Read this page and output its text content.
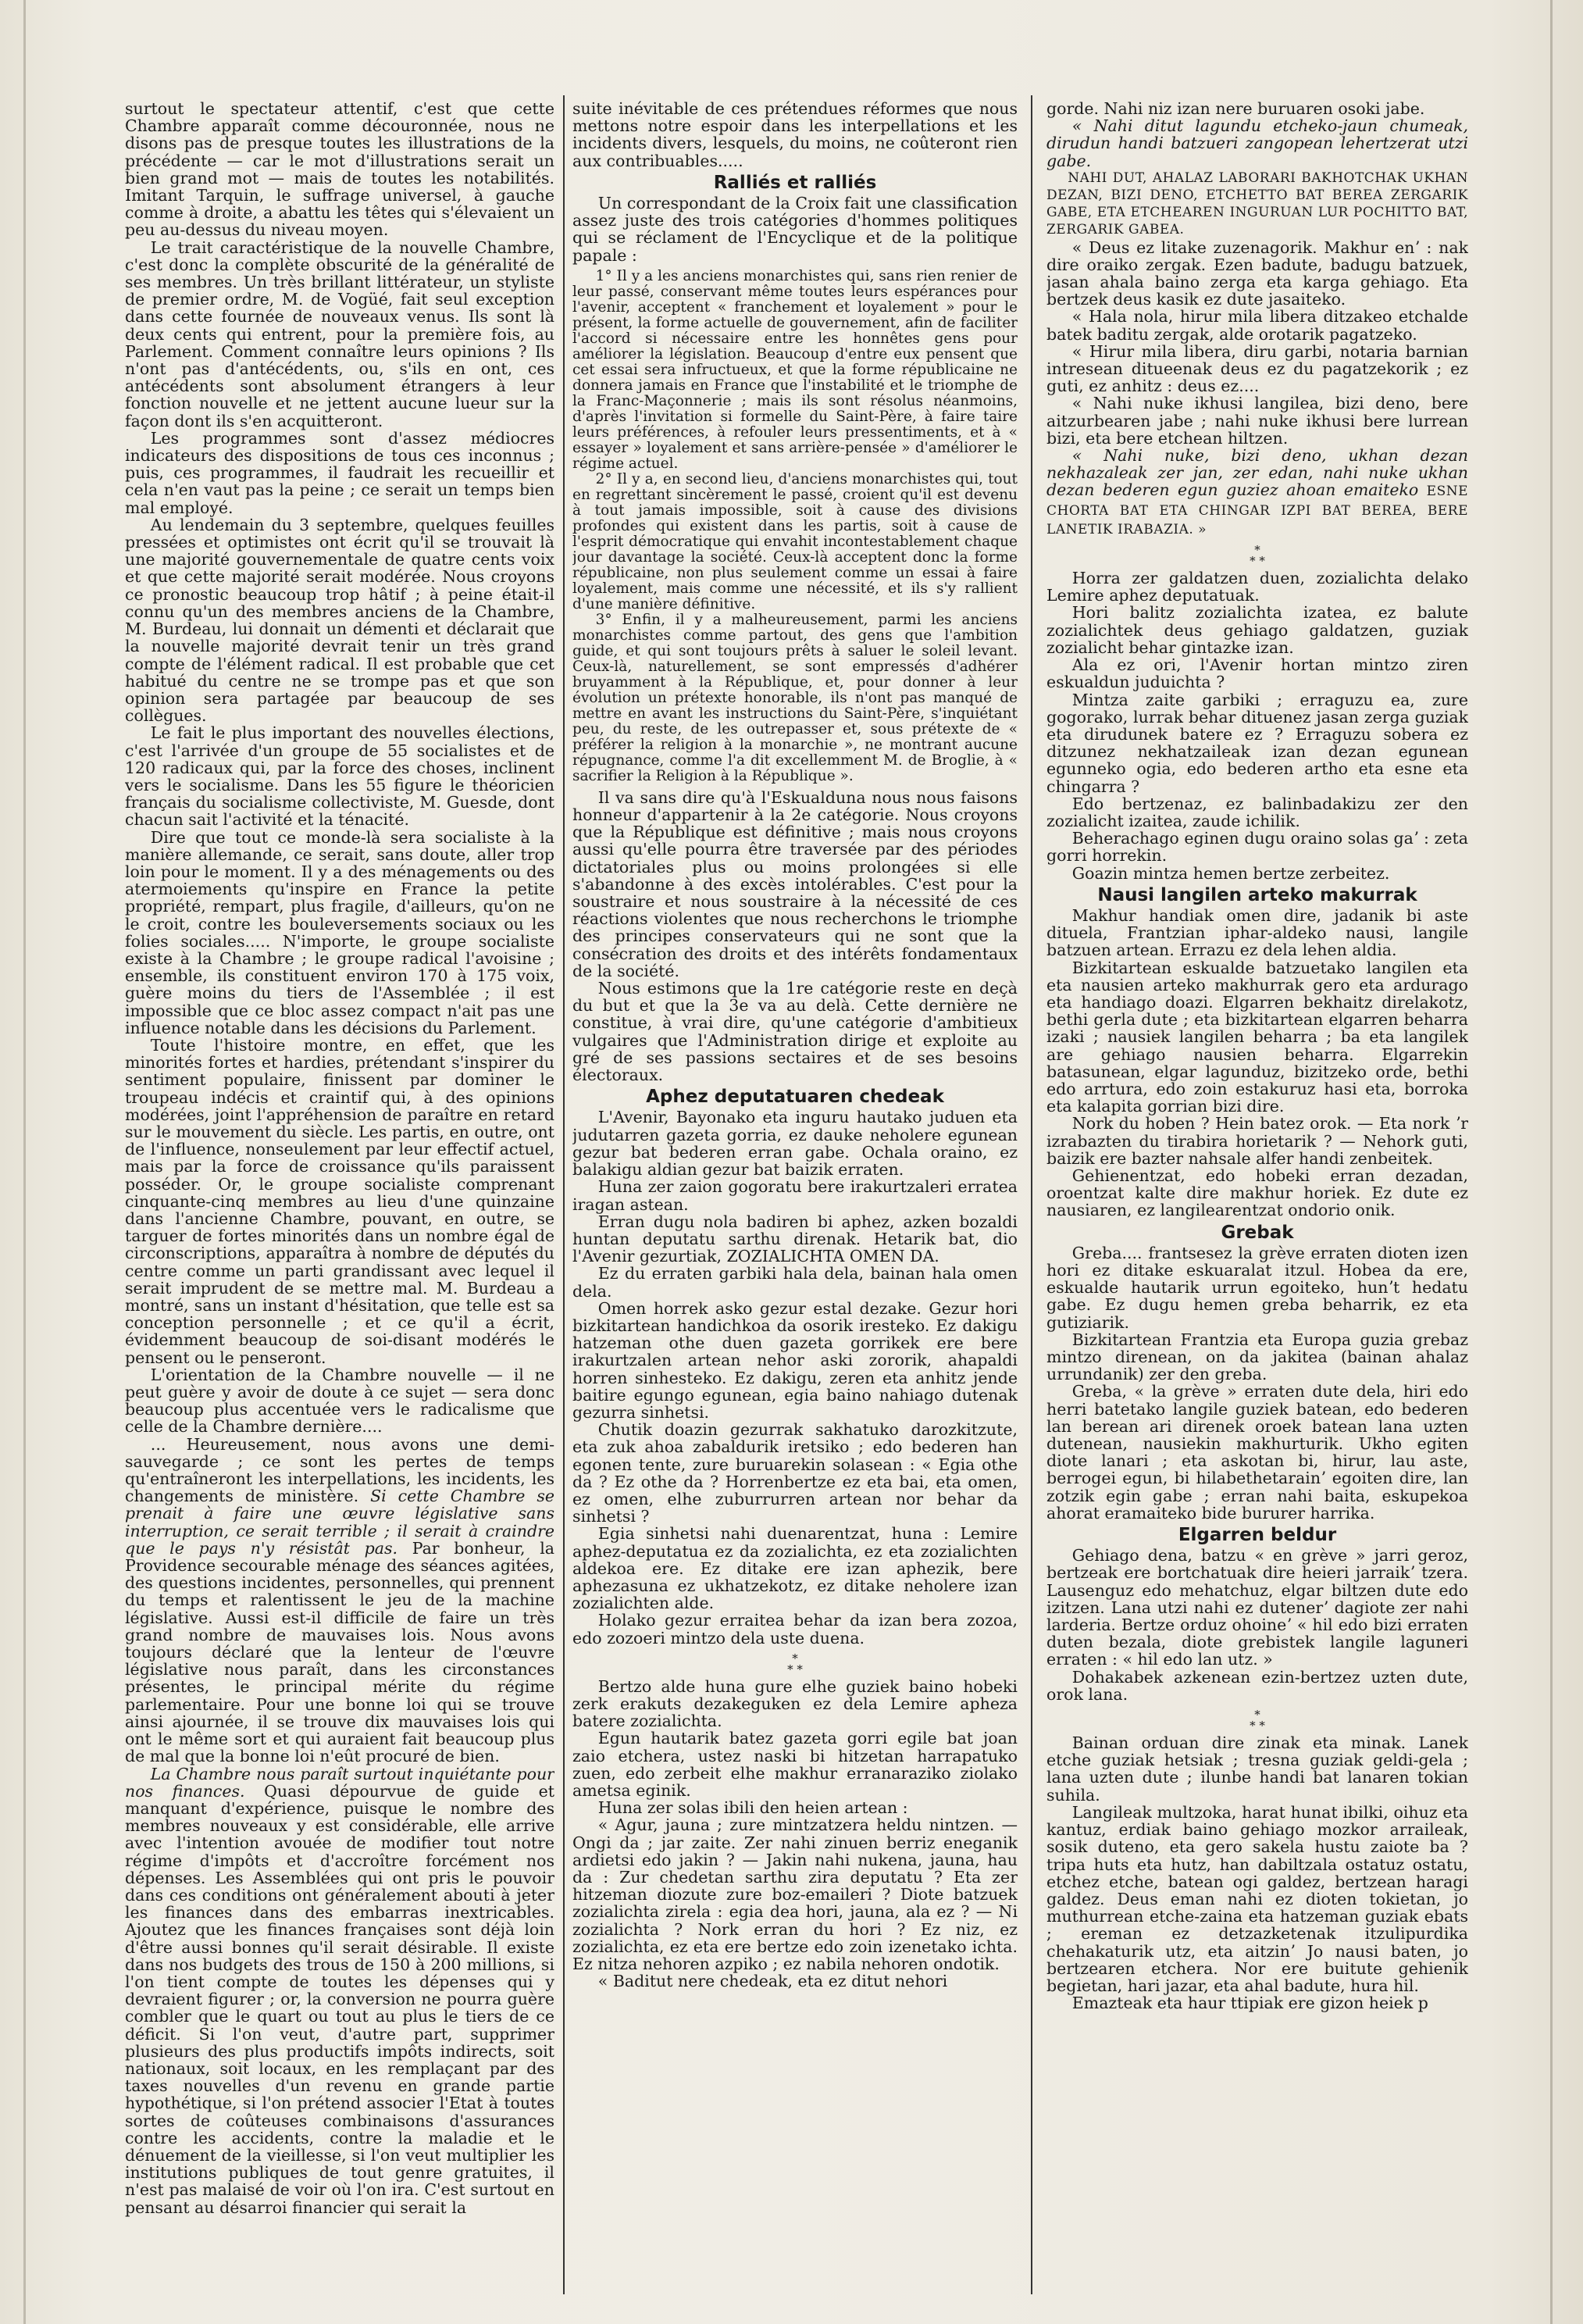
surtout le spectateur attentif, c'est que cette Chambre apparaît comme découronnée, nous ne disons pas de presque toutes les illustrations de la précédente — car le mot d'illustrations serait un bien grand mot — mais de toutes les notabilités. Imitant Tarquin, le suffrage universel, à gauche comme à droite, a abattu les têtes qui s'élevaient un peu au-dessus du niveau moyen.

Le trait caractéristique de la nouvelle Chambre, c'est donc la complète obscurité de la généralité de ses membres. Un très brillant littérateur, un styliste de premier ordre, M. de Vogüé, fait seul exception dans cette fournée de nouveaux venus. Ils sont là deux cents qui entrent, pour la première fois, au Parlement. Comment connaître leurs opinions ? Ils n'ont pas d'antécédents, ou, s'ils en ont, ces antécédents sont absolument étrangers à leur fonction nouvelle et ne jettent aucune lueur sur la façon dont ils s'en acquitteront.

Les programmes sont d'assez médiocres indicateurs des dispositions de tous ces inconnus ; puis, ces programmes, il faudrait les recueillir et cela n'en vaut pas la peine ; ce serait un temps bien mal employé.

Au lendemain du 3 septembre, quelques feuilles pressées et optimistes ont écrit qu'il se trouvait là une majorité gouvernementale de quatre cents voix et que cette majorité serait modérée. Nous croyons ce pronostic beaucoup trop hâtif ; à peine était-il connu qu'un des membres anciens de la Chambre, M. Burdeau, lui donnait un démenti et déclarait que la nouvelle majorité devrait tenir un très grand compte de l'élément radical. Il est probable que cet habitué du centre ne se trompe pas et que son opinion sera partagée par beaucoup de ses collègues.

Le fait le plus important des nouvelles élections, c'est l'arrivée d'un groupe de 55 socialistes et de 120 radicaux qui, par la force des choses, inclinent vers le socialisme. Dans les 55 figure le théoricien français du socialisme collectiviste, M. Guesde, dont chacun sait l'activité et la ténacité.

Dire que tout ce monde-là sera socialiste à la manière allemande, ce serait, sans doute, aller trop loin pour le moment. Il y a des ménagements ou des atermoiements qu'inspire en France la petite propriété, rempart, plus fragile, d'ailleurs, qu'on ne le croit, contre les bouleversements sociaux ou les folies sociales..... N'importe, le groupe socialiste existe à la Chambre ; le groupe radical l'avoisine ; ensemble, ils constituent environ 170 à 175 voix, guère moins du tiers de l'Assemblée ; il est impossible que ce bloc assez compact n'ait pas une influence notable dans les décisions du Parlement.

Toute l'histoire montre, en effet, que les minorités fortes et hardies, prétendant s'inspirer du sentiment populaire, finissent par dominer le troupeau indécis et craintif qui, à des opinions modérées, joint l'appréhension de paraître en retard sur le mouvement du siècle. Les partis, en outre, ont de l'influence, nonseulement par leur effectif actuel, mais par la force de croissance qu'ils paraissent posséder. Or, le groupe socialiste comprenant cinquante-cinq membres au lieu d'une quinzaine dans l'ancienne Chambre, pouvant, en outre, se targuer de fortes minorités dans un nombre égal de circonscriptions, apparaîtra à nombre de députés du centre comme un parti grandissant avec lequel il serait imprudent de se mettre mal. M. Burdeau a montré, sans un instant d'hésitation, que telle est sa conception personnelle ; et ce qu'il a écrit, évidemment beaucoup de soi-disant modérés le pensent ou le penseront.

L'orientation de la Chambre nouvelle — il ne peut guère y avoir de doute à ce sujet — sera donc beaucoup plus accentuée vers le radicalisme que celle de la Chambre dernière....

... Heureusement, nous avons une demi-sauvegarde ; ce sont les pertes de temps qu'entraîneront les interpellations, les incidents, les changements de ministère. Si cette Chambre se prenait à faire une œuvre législative sans interruption, ce serait terrible ; il serait à craindre que le pays n'y résistât pas. Par bonheur, la Providence secourable ménage des séances agitées, des questions incidentes, personnelles, qui prennent du temps et ralentissent le jeu de la machine législative. Aussi est-il difficile de faire un très grand nombre de mauvaises lois. Nous avons toujours déclaré que la lenteur de l'œuvre législative nous paraît, dans les circonstances présentes, le principal mérite du régime parlementaire. Pour une bonne loi qui se trouve ainsi ajournée, il se trouve dix mauvaises lois qui ont le même sort et qui auraient fait beaucoup plus de mal que la bonne loi n'eût procuré de bien.

La Chambre nous paraît surtout inquiétante pour nos finances. Quasi dépourvue de guide et manquant d'expérience, puisque le nombre des membres nouveaux y est considérable, elle arrive avec l'intention avouée de modifier tout notre régime d'impôts et d'accroître forcément nos dépenses. Les Assemblées qui ont pris le pouvoir dans ces conditions ont généralement abouti à jeter les finances dans des embarras inextricables. Ajoutez que les finances françaises sont déjà loin d'être aussi bonnes qu'il serait désirable. Il existe dans nos budgets des trous de 150 à 200 millions, si l'on tient compte de toutes les dépenses qui y devraient figurer ; or, la conversion ne pourra guère combler que le quart ou tout au plus le tiers de ce déficit. Si l'on veut, d'autre part, supprimer plusieurs des plus productifs impôts indirects, soit nationaux, soit locaux, en les remplaçant par des taxes nouvelles d'un revenu en grande partie hypothétique, si l'on prétend associer l'Etat à toutes sortes de coûteuses combinaisons d'assurances contre les accidents, contre la maladie et le dénuement de la vieillesse, si l'on veut multiplier les institutions publiques de tout genre gratuites, il n'est pas malaisé de voir où l'on ira. C'est surtout en pensant au désarroi financier qui serait la

suite inévitable de ces prétendues réformes que nous mettons notre espoir dans les interpellations et les incidents divers, lesquels, du moins, ne coûteront rien aux contribuables.....

Ralliés et ralliés

Un correspondant de la Croix fait une classification assez juste des trois catégories d'hommes politiques qui se réclament de l'Encyclique et de la politique papale :

1° Il y a les anciens monarchistes qui, sans rien renier de leur passé, conservant même toutes leurs espérances pour l'avenir, acceptent « franchement et loyalement » pour le présent, la forme actuelle de gouvernement, afin de faciliter l'accord si nécessaire entre les honnêtes gens pour améliorer la législation. Beaucoup d'entre eux pensent que cet essai sera infructueux, et que la forme républicaine ne donnera jamais en France que l'instabilité et le triomphe de la Franc-Maçonnerie ; mais ils sont résolus néanmoins, d'après l'invitation si formelle du Saint-Père, à faire taire leurs préférences, à refouler leurs pressentiments, et à « essayer » loyalement et sans arrière-pensée » d'améliorer le régime actuel.

2° Il y a, en second lieu, d'anciens monarchistes qui, tout en regrettant sincèrement le passé, croient qu'il est devenu à tout jamais impossible, soit à cause des divisions profondes qui existent dans les partis, soit à cause de l'esprit démocratique qui envahit incontestablement chaque jour davantage la société. Ceux-là acceptent donc la forme républicaine, non plus seulement comme un essai à faire loyalement, mais comme une nécessité, et ils s'y rallient d'une manière définitive.

3° Enfin, il y a malheureusement, parmi les anciens monarchistes comme partout, des gens que l'ambition guide, et qui sont toujours prêts à saluer le soleil levant. Ceux-là, naturellement, se sont empressés d'adhérer bruyamment à la République, et, pour donner à leur évolution un prétexte honorable, ils n'ont pas manqué de mettre en avant les instructions du Saint-Père, s'inquiétant peu, du reste, de les outrepasser et, sous prétexte de « préférer la religion à la monarchie », ne montrant aucune répugnance, comme l'a dit excellemment M. de Broglie, à « sacrifier la Religion à la République ».

Il va sans dire qu'à l'Eskualduna nous nous faisons honneur d'appartenir à la 2e catégorie. Nous croyons que la République est définitive ; mais nous croyons aussi qu'elle pourra être traversée par des périodes dictatoriales plus ou moins prolongées si elle s'abandonne à des excès intolérables. C'est pour la soustraire et nous soustraire à la nécessité de ces réactions violentes que nous recherchons le triomphe des principes conservateurs qui ne sont que la consécration des droits et des intérêts fondamentaux de la société.

Nous estimons que la 1re catégorie reste en deçà du but et que la 3e va au delà. Cette dernière ne constitue, à vrai dire, qu'une catégorie d'ambitieux vulgaires que l'Administration dirige et exploite au gré de ses passions sectaires et de ses besoins électoraux.

Aphez deputatuaren chedeak

L'Avenir, Bayonako eta inguru hautako juduen eta judutarren gazeta gorria, ez dauke neholere egunean gezur bat bederen erran gabe. Ochala oraino, ez balakigu aldian gezur bat baizik erraten.

Huna zer zaion gogoratu bere irakurtzaleri erratea iragan astean.

Erran dugu nola badiren bi aphez, azken bozaldi huntan deputatu sarthu direnak. Hetarik bat, dio l'Avenir gezurtiak, ZOZIALICHTA OMEN DA.

Ez du erraten garbiki hala dela, bainan hala omen dela.

Omen horrek asko gezur estal dezake. Gezur hori bizkitartean handichkoa da osorik iresteko. Ez dakigu hatzeman othe duen gazeta gorrikek ere bere irakurtzalen artean nehor aski zororik, ahapaldi horren sinhesteko. Ez dakigu, zeren eta anhitz jende baitire egungo egunean, egia baino nahiago dutenak gezurra sinhetsi.

Chutik doazin gezurrak sakhatuko darozkitzute, eta zuk ahoa zabaldurik iretsiko ; edo bederen han egonen tente, zure buruarekin solasean : « Egia othe da ? Ez othe da ? Horrenbertze ez eta bai, eta omen, ez omen, elhe zuburrurren artean nor behar da sinhetsi ?

Egia sinhetsi nahi duenarentzat, huna : Lemire aphez-deputatua ez da zozialichta, ez eta zozialichten aldekoa ere. Ez ditake ere izan aphezik, bere aphezasuna ez ukhatzekotz, ez ditake neholere izan zozialichten alde.

Holako gezur erraitea behar da izan bera zozoa, edo zozoeri mintzo dela uste duena.

*
* *

Bertzo alde huna gure elhe guziek baino hobeki zerk erakuts dezakeguken ez dela Lemire apheza batere zozialichta.

Egun hautarik batez gazeta gorri egile bat joan zaio etchera, ustez naski bi hitzetan harrapatuko zuen, edo zerbeit elhe makhur erranaraziko ziolako ametsa eginik.

Huna zer solas ibili den heien artean :

« Agur, jauna ; zure mintzatzera heldu nintzen. — Ongi da ; jar zaite. Zer nahi zinuen berriz eneganik ardietsi edo jakin ? — Jakin nahi nukena, jauna, hau da : Zur chedetan sarthu zira deputatu ? Eta zer hitzeman diozute zure boz-emaileri ? Diote batzuek zozialichta zirela : egia dea hori, jauna, ala ez ? — Ni zozialichta ? Nork erran du hori ? Ez niz, ez zozialichta, ez eta ere bertze edo zoin izenetako ichta. Ez nitza nehoren azpiko ; ez nabila nehoren ondotik.

« Baditut nere chedeak, eta ez ditut nehori

gorde. Nahi niz izan nere buruaren osoki jabe.

« Nahi ditut lagundu etcheko-jaun chumeak, dirudun handi batzueri zangopean lehertzerat utzi gabe.

NAHI DUT, AHALAZ LABORARI BAKHOTCHAK UKHAN DEZAN, BIZI DENO, ETCHETTO BAT BEREA ZERGARIK GABE, ETA ETCHEAREN INGURUAN LUR POCHITTO BAT, ZERGARIK GABEA.

« Deus ez litake zuzenagorik. Makhur enʼ : nak dire oraiko zergak. Ezen badute, badugu batzuek, jasan ahala baino zerga eta karga gehiago. Eta bertzek deus kasik ez dute jasaiteko.

« Hala nola, hirur mila libera ditzakeo etchalde batek baditu zergak, alde orotarik pagatzeko.

« Hirur mila libera, diru garbi, notaria barnian intresean ditueenak deus ez du pagatzekorik ; ez guti, ez anhitz : deus ez....

« Nahi nuke ikhusi langilea, bizi deno, bere aitzurbearen jabe ; nahi nuke ikhusi bere lurrean bizi, eta bere etchean hiltzen.

« Nahi nuke, bizi deno, ukhan dezan nekhazaleak zer jan, zer edan, nahi nuke ukhan dezan bederen egun guziez ahoan emaiteko ESNE CHORTA BAT ETA CHINGAR IZPI BAT BEREA, BERE LANETIK IRABAZIA. »

*
* *

Horra zer galdatzen duen, zozialichta delako Lemire aphez deputatuak.

Hori balitz zozialichta izatea, ez balute zozialichtek deus gehiago galdatzen, guziak zozialicht behar gintazke izan.

Ala ez ori, l'Avenir hortan mintzo ziren eskualdun juduichta ?

Mintza zaite garbiki ; erraguzu ea, zure gogorako, lurrak behar dituenez jasan zerga guziak eta dirudunek batere ez ? Erraguzu sobera ez ditzunez nekhatzaileak izan dezan egunean egunneko ogia, edo bederen artho eta esne eta chingarra ?

Edo bertzenaz, ez balinbadakizu zer den zozialicht izaitea, zaude ichilik.

Beherachago eginen dugu oraino solas gaʼ : zeta gorri horrekin.

Goazin mintza hemen bertze zerbeitez.

Nausi langilen arteko makurrak

Makhur handiak omen dire, jadanik bi aste dituela, Frantzian iphar-aldeko nausi, langile batzuen artean. Errazu ez dela lehen aldia.

Bizkitartean eskualde batzuetako langilen eta eta nausien arteko makhurrak gero eta ardurago eta handiago doazi. Elgarren bekhaitz direlakotz, bethi gerla dute ; eta bizkitartean elgarren beharra izaki ; nausiek langilen beharra ; ba eta langilek are gehiago nausien beharra. Elgarrekin batasunean, elgar lagunduz, bizitzeko orde, bethi edo arrtura, edo zoin estakuruz hasi eta, borroka eta kalapita gorrian bizi dire.

Nork du hoben ? Hein batez orok. — Eta nork ʼr izrabazten du tirabira horietarik ? — Nehork guti, baizik ere bazter nahsale alfer handi zenbeitek.

Gehienentzat, edo hobeki erran dezadan, oroentzat kalte dire makhur horiek. Ez dute ez nausiaren, ez langilearentzat ondorio onik.

Grebak

Greba.... frantsesez la grève erraten dioten izen hori ez ditake eskuaralat itzul. Hobea da ere, eskualde hautarik urrun egoiteko, hunʼt hedatu gabe. Ez dugu hemen greba beharrik, ez eta gutiziarik.

Bizkitartean Frantzia eta Europa guzia grebaz mintzo direnean, on da jakitea (bainan ahalaz urrundanik) zer den greba.

Greba, « la grève » erraten dute dela, hiri edo herri batetako langile guziek batean, edo bederen lan berean ari direnek oroek batean lana uzten dutenean, nausiekin makhurturik. Ukho egiten diote lanari ; eta askotan bi, hirur, lau aste, berrogei egun, bi hilabethetarainʼ egoiten dire, lan zotzik egin gabe ; erran nahi baita, eskupekoa ahorat eramaiteko bide bururer harrika.

Elgarren beldur

Gehiago dena, batzu « en grève » jarri geroz, bertzeak ere bortchatuak dire heieri jarraikʼ tzera. Lausenguz edo mehatchuz, elgar biltzen dute edo izitzen. Lana utzi nahi ez dutenerʼ dagiote zer nahi larderia. Bertze orduz ohoineʼ « hil edo bizi erraten duten bezala, diote grebistek langile laguneri erraten : « hil edo lan utz. »

Dohakabek azkenean ezin-bertzez uzten dute, orok lana.

*
* *

Bainan orduan dire zinak eta minak. Lanek etche guziak hetsiak ; tresna guziak geldi-gela ; lana uzten dute ; ilunbe handi bat lanaren tokian suhila.

Langileak multzoka, harat hunat ibilki, oihuz eta kantuz, erdiak baino gehiago mozkor arraileak, sosik duteno, eta gero sakela hustu zaiote ba ? tripa huts eta hutz, han dabiltzala ostatuz ostatu, etchez etche, batean ogi galdez, bertzean haragi galdez. Deus eman nahi ez dioten tokietan, jo muthurrean etche-zaina eta hatzeman guziak ebats ; ereman ez detzazketenak itzulipurdika chehakaturik utz, eta aitzinʼ Jo nausi baten, jo bertzearen etchera. Nor ere buitute gehienik begietan, hari jazar, eta ahal badute, hura hil.

Emazteak eta haur ttipiak ere gizon heiek p
